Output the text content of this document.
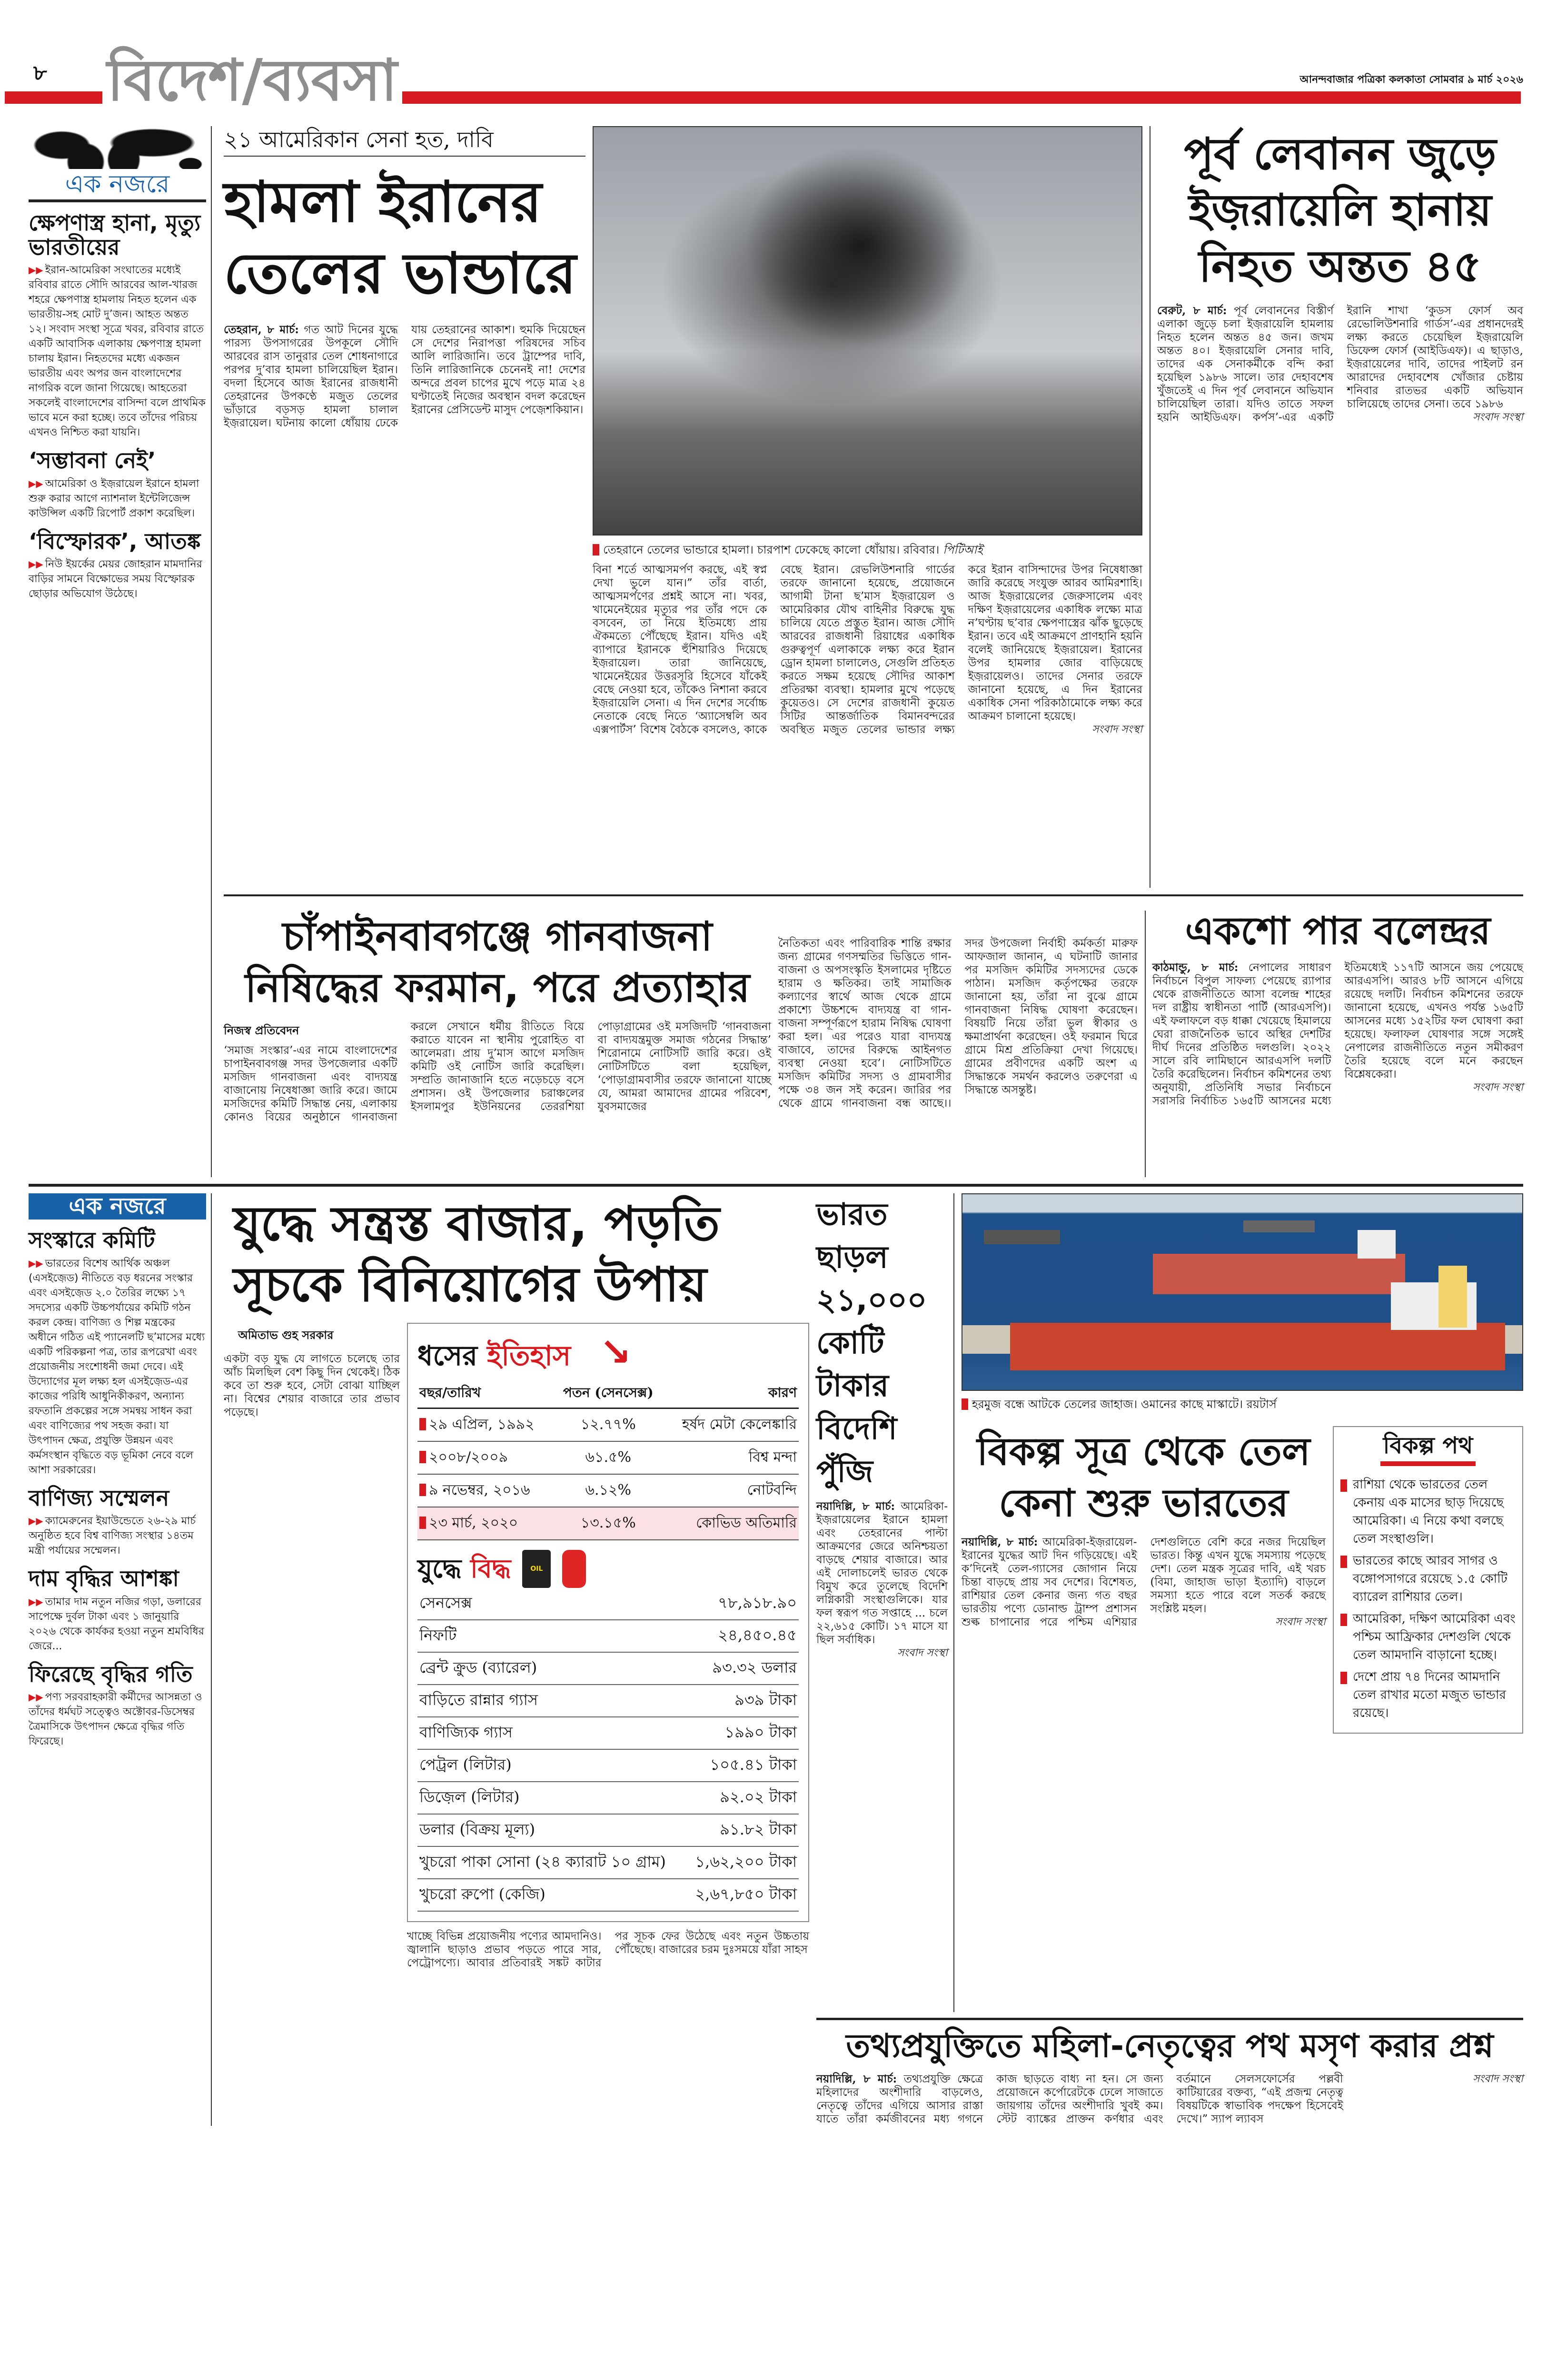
৮ বিদেশ/ব্যবসা	আনন্দবাজার পত্রিকা কলকাতা সোমবার ৯ মার্চ ২০২৬
এক নজরে
ক্ষেপণাস্ত্র হানা, মৃত্যু ভারতীয়ের
▶▶ ইরান-আমেরিকা সংঘাতের মধ্যেই রবিবার রাতে সৌদি আরবের আল-খারজ শহরে ক্ষেপণাস্ত্র হামলায় নিহত হলেন এক ভারতীয়-সহ মোট দু’জন। আহত অন্তত ১২। সংবাদ সংস্থা সূত্রে খবর, রবিবার রাতে একটি আবাসিক এলাকায় ক্ষেপণাস্ত্র হামলা চালায় ইরান। নিহতদের মধ্যে একজন ভারতীয় এবং অপর জন বাংলাদেশের নাগরিক বলে জানা গিয়েছে। আহতেরা সকলেই বাংলাদেশের বাসিন্দা বলে প্রাথমিক ভাবে মনে করা হচ্ছে। তবে তাঁদের পরিচয় এখনও নিশ্চিত করা যায়নি।
‘সম্ভাবনা নেই’
▶▶ আমেরিকা ও ইজ়রায়েল ইরানে হামলা শুরু করার আগে ন্যাশনাল ইন্টেলিজেন্স কাউন্সিল একটি রিপোর্ট প্রকাশ করেছিল।
‘বিস্ফোরক’, আতঙ্ক
▶▶ নিউ ইয়র্কের মেয়র জোহরান মামদানির বাড়ির সামনে বিক্ষোভের সময় বিস্ফোরক ছোড়ার অভিযোগ উঠেছে।
২১ আমেরিকান সেনা হত, দাবি
হামলা ইরানের তেলের ভান্ডারে
তেহরান, ৮ মার্চ: গত আট দিনের যুদ্ধে পারস্য উপসাগরের উপকূলে সৌদি আরবের রাস তানুরার তেল শোধনাগারে পরপর দু’বার হামলা চালিয়েছিল ইরান। বদলা হিসেবে আজ ইরানের রাজধানী তেহরানের উপকণ্ঠে মজুত তেলের ভাঁড়ারে বড়সড় হামলা চালাল ইজ়রায়েল। ঘটনায় কালো ধোঁয়ায় ঢেকে যায় তেহরানের আকাশ। হুমকি দিয়েছেন সে দেশের নিরাপত্তা পরিষদের সচিব আলি লারিজানি। তবে ট্রাম্পের দাবি, তিনি লারিজানিকে চেনেনই না! দেশের অন্দরে প্রবল চাপের মুখে পড়ে মাত্র ২৪ ঘণ্টাতেই নিজের অবস্থান বদল করেছেন ইরানের প্রেসিডেন্ট মাসুদ পেজ়েশকিয়ান।
তেহরানে তেলের ভান্ডারে হামলা। চারপাশ ঢেকেছে কালো ধোঁয়ায়। রবিবার। পিটিআই
বিনা শর্তে আত্মসমর্পণ করছে, এই স্বপ্ন দেখা ভুলে যান।” তাঁর বার্তা, আত্মসমর্পণের প্রশ্নই আসে না। খবর, খামেনেইয়ের মৃত্যুর পর তাঁর পদে কে বসবেন, তা নিয়ে ইতিমধ্যে প্রায় ঐকমত্যে পৌঁছেছে ইরান। যদিও এই ব্যাপারে ইরানকে হুঁশিয়ারিও দিয়েছে ইজ়রায়েল। তারা জানিয়েছে, খামেনেইয়ের উত্তরসূরি হিসেবে যাঁকেই বেছে নেওয়া হবে, তাঁকেও নিশানা করবে ইজ়রায়েলি সেনা। এ দিন দেশের সর্বোচ্চ নেতাকে বেছে নিতে ‘অ্যাসেম্বলি অব এক্সপার্টস’ বিশেষ বৈঠকে বসলেও, কাকে বেছে ইরান। রেভলিউশনারি গার্ডের তরফে জানানো হয়েছে, প্রয়োজনে আগামী টানা ছ’মাস ইজ়রায়েল ও আমেরিকার যৌথ বাহিনীর বিরুদ্ধে যুদ্ধ চালিয়ে যেতে প্রস্তুত ইরান। আজ সৌদি আরবের রাজধানী রিয়াধের একাধিক গুরুত্বপূর্ণ এলাকাকে লক্ষ্য করে ইরান ড্রোন হামলা চালালেও, সেগুলি প্রতিহত করতে সক্ষম হয়েছে সৌদির আকাশ প্রতিরক্ষা ব্যবস্থা। হামলার মুখে পড়েছে কুয়েতও। সে দেশের রাজধানী কুয়েত সিটির আন্তর্জাতিক বিমানবন্দরের অবস্থিত মজুত তেলের ভান্ডার লক্ষ্য করে ইরান বাসিন্দাদের উপর নিষেধাজ্ঞা জারি করেছে সংযুক্ত আরব আমিরশাহি। আজ ইজ়রায়েলের জেরুসালেম এবং দক্ষিণ ইজ়রায়েলের একাধিক লক্ষ্যে মাত্র ন’ঘণ্টায় ছ’বার ক্ষেপণাস্ত্রের ঝাঁক ছুড়েছে ইরান। তবে এই আক্রমণে প্রাণহানি হয়নি বলেই জানিয়েছে ইজ়রায়েল। ইরানের উপর হামলার জোর বাড়িয়েছে ইজ়রায়েলও। তাদের সেনার তরফে জানানো হয়েছে, এ দিন ইরানের একাধিক সেনা পরিকাঠামোকে লক্ষ্য করে আক্রমণ চালানো হয়েছে।
সংবাদ সংস্থা
পূর্ব লেবানন জুড়ে ইজ়রায়েলি হানায় নিহত অন্তত ৪৫
বেরুট, ৮ মার্চ: পূর্ব লেবাননের বিস্তীর্ণ এলাকা জুড়ে চলা ইজ়রায়েলি হামলায় নিহত হলেন অন্তত ৪৫ জন। জখম অন্তত ৪০। ইজ়রায়েলি সেনার দাবি, তাদের এক সেনাকর্মীকে বন্দি করা হয়েছিল ১৯৮৬ সালে। তার দেহাবশেষ খুঁজতেই এ দিন পূর্ব লেবাননে অভিযান চালিয়েছিল তারা। যদিও তাতে সফল হয়নি আইডিএফ। কর্পস’-এর একটি ইরানি শাখা ‘কুডস ফোর্স অব রেভোলিউশনারি গার্ডস’-এর প্রধানদেরই লক্ষ্য করতে চেয়েছিল ইজ়রায়েলি ডিফেন্স ফোর্স (আইডিএফ)। এ ছাড়াও, ইজ়রায়েলের দাবি, তাদের পাইলট রন আরাদের দেহাবশেষ খোঁজার চেষ্টায় শনিবার রাতভর একটি অভিযান চালিয়েছে তাদের সেনা। তবে ১৯৮৬
সংবাদ সংস্থা
চাঁপাইনবাবগঞ্জে গানবাজনা নিষিদ্ধের ফরমান, পরে প্রত্যাহার
নিজস্ব প্রতিবেদন
‘সমাজ সংস্কার’-এর নামে বাংলাদেশের চাপাইনবাবগঞ্জ সদর উপজেলার একটি মসজিদ গানবাজনা এবং বাদ্যযন্ত্র বাজানোয় নিষেধাজ্ঞা জারি করে। জামে মসজিদের কমিটি সিদ্ধান্ত নেয়, এলাকায় কোনও বিয়ের অনুষ্ঠানে গানবাজনা করলে সেখানে ধর্মীয় রীতিতে বিয়ে করাতে যাবেন না স্থানীয় পুরোহিত বা আলেমরা। প্রায় দু’মাস আগে মসজিদ কমিটি ওই নোটিস জারি করেছিল। সম্প্রতি জানাজানি হতে নড়েচড়ে বসে প্রশাসন। ওই উপজেলার চরাঞ্চলের ইসলামপুর ইউনিয়নের তেররশিয়া পোড়াগ্রামের ওই মসজিদটি ‘গানবাজনা বা বাদ্যযন্ত্রমুক্ত সমাজ গঠনের সিদ্ধান্ত’ শিরোনামে নোটিসটি জারি করে। ওই নোটিসটিতে বলা হয়েছিল, ‘পোড়াগ্রামবাসীর তরফে জানানো যাচ্ছে যে, আমরা আমাদের গ্রামের পরিবেশ, যুবসমাজের
নৈতিকতা এবং পারিবারিক শান্তি রক্ষার জন্য গ্রামের গণসম্মতির ভিত্তিতে গান-বাজনা ও অপসংস্কৃতি ইসলামের দৃষ্টিতে হারাম ও ক্ষতিকর। তাই সামাজিক কল্যাণের স্বার্থে আজ থেকে গ্রামে প্রকাশ্যে উচ্চশব্দে বাদ্যযন্ত্র বা গান-বাজনা সম্পূর্ণরূপে হারাম নিষিদ্ধ ঘোষণা করা হল। এর পরেও যারা বাদ্যযন্ত্র বাজাবে, তাদের বিরুদ্ধে আইনগত ব্যবস্থা নেওয়া হবে’। নোটিসটিতে মসজিদ কমিটির সদস্য ও গ্রামবাসীর পক্ষে ৩৪ জন সই করেন। জারির পর থেকে গ্রামে গানবাজনা বন্ধ আছে।। সদর উপজেলা নির্বাহী কর্মকর্তা মারুফ আফজাল জানান, এ ঘটনাটি জানার পর মসজিদ কমিটির সদস্যদের ডেকে পাঠান। মসজিদ কর্তৃপক্ষের তরফে জানানো হয়, তাঁরা না বুঝে গ্রামে গানবাজনা নিষিদ্ধ ঘোষণা করেছেন। বিষয়টি নিয়ে তাঁরা ভুল স্বীকার ও ক্ষমাপ্রার্থনা করেছেন। ওই ফরমান ঘিরে গ্রামে মিশ্র প্রতিক্রিয়া দেখা গিয়েছে। গ্রামের প্রবীণদের একটি অংশ এ সিদ্ধান্তকে সমর্থন করলেও তরুণেরা এ সিদ্ধান্তে অসন্তুষ্ট।
একশো পার বলেন্দ্রর
কাঠমান্ডু, ৮ মার্চ: নেপালের সাধারণ নির্বাচনে বিপুল সাফল্য পেয়েছে র‍্যাপার থেকে রাজনীতিতে আসা বলেন্দ্র শাহের দল রাষ্ট্রীয় স্বাধীনতা পার্টি (আরএসপি)। এই ফলাফলে বড় ধাক্কা খেয়েছে হিমালয়ে ঘেরা রাজনৈতিক ভাবে অস্থির দেশটির দীর্ঘ দিনের প্রতিষ্ঠিত দলগুলি। ২০২২ সালে রবি লামিছানে আরএসপি দলটি তৈরি করেছিলেন। নির্বাচন কমিশনের তথ্য অনুযায়ী, প্রতিনিধি সভার নির্বাচনে সরাসরি নির্বাচিত ১৬৫টি আসনের মধ্যে ইতিমধ্যেই ১১৭টি আসনে জয় পেয়েছে আরএসপি। আরও ৮টি আসনে এগিয়ে রয়েছে দলটি। নির্বাচন কমিশনের তরফে জানানো হয়েছে, এখনও পর্যন্ত ১৬৫টি আসনের মধ্যে ১৫২টির ফল ঘোষণা করা হয়েছে। ফলাফল ঘোষণার সঙ্গে সঙ্গেই নেপালের রাজনীতিতে নতুন সমীকরণ তৈরি হয়েছে বলে মনে করছেন বিশ্লেষকেরা।
সংবাদ সংস্থা
এক নজরে
সংস্কারে কমিটি
▶▶ ভারতের বিশেষ আর্থিক অঞ্চল (এসইজ়েড) নীতিতে বড় ধরনের সংস্কার এবং এসইজ়েড ২.০ তৈরির লক্ষ্যে ১৭ সদস্যের একটি উচ্চপর্যায়ের কমিটি গঠন করল কেন্দ্র। বাণিজ্য ও শিল্প মন্ত্রকের অধীনে গঠিত এই প্যানেলটি ছ’মাসের মধ্যে একটি পরিকল্পনা পত্র, তার রূপরেখা এবং প্রয়োজনীয় সংশোধনী জমা দেবে। এই উদ্যোগের মূল লক্ষ্য হল এসইজ়েড-এর কাজের পরিধি আধুনিকীকরণ, অন্যান্য রফতানি প্রকল্পের সঙ্গে সমন্বয় সাধন করা এবং বাণিজ্যের পথ সহজ করা। যা উৎপাদন ক্ষেত্র, প্রযুক্তি উন্নয়ন এবং কর্মসংস্থান বৃদ্ধিতে বড় ভূমিকা নেবে বলে আশা সরকারের।
বাণিজ্য সম্মেলন
▶▶ ক্যামেরুনের ইয়াউন্ডেতে ২৬-২৯ মার্চ অনুষ্ঠিত হবে বিশ্ব বাণিজ্য সংস্থার ১৪তম মন্ত্রী পর্যায়ের সম্মেলন।
দাম বৃদ্ধির আশঙ্কা
▶▶ তামার দাম নতুন নজির গড়া, ডলারের সাপেক্ষে দুর্বল টাকা এবং ১ জানুয়ারি ২০২৬ থেকে কার্যকর হওয়া নতুন শ্রমবিধির জেরে...
ফিরেছে বৃদ্ধির গতি
▶▶ পণ্য সরবরাহকারী কর্মীদের আসন্নতা ও তাঁদের ধর্মঘট সত্ত্বেও অক্টোবর-ডিসেম্বর ত্রৈমাসিকে উৎপাদন ক্ষেত্রে বৃদ্ধির গতি ফিরেছে।
যুদ্ধে সন্ত্রস্ত বাজার, পড়তি সূচকে বিনিয়োগের উপায়
অমিতাভ গুহ সরকার
একটা বড় যুদ্ধ যে লাগতে চলেছে তার আঁচ মিলছিল বেশ কিছু দিন থেকেই। ঠিক কবে তা শুরু হবে, সেটা বোঝা যাচ্ছিল না। বিশ্বের শেয়ার বাজারে তার প্রভাব পড়েছে।
ধসের ইতিহাস ↘
বছর/তারিখ	পতন (সেনসেক্স)	কারণ
২৯ এপ্রিল, ১৯৯২	১২.৭৭%	হর্ষদ মেটা কেলেঙ্কারি
২০০৮/২০০৯	৬১.৫%	বিশ্ব মন্দা
৯ নভেম্বর, ২০১৬	৬.১২%	নোটবন্দি
২৩ মার্চ, ২০২০	১৩.১৫%	কোভিড অতিমারি
যুদ্ধে বিদ্ধ	OIL
সেনসেক্স	৭৮,৯১৮.৯০
নিফটি	২৪,৪৫০.৪৫
ব্রেন্ট ক্রুড (ব্যারেল)	৯৩.৩২ ডলার
বাড়িতে রান্নার গ্যাস	৯৩৯ টাকা
বাণিজ্যিক গ্যাস	১৯৯০ টাকা
পেট্রল (লিটার)	১০৫.৪১ টাকা
ডিজ়েল (লিটার)	৯২.০২ টাকা
ডলার (বিক্রয় মূল্য)	৯১.৮২ টাকা
খুচরো পাকা সোনা (২৪ ক্যারাট ১০ গ্রাম)	১,৬২,২০০ টাকা
খুচরো রুপো (কেজি)	২,৬৭,৮৫০ টাকা
খাচ্ছে বিভিন্ন প্রয়োজনীয় পণ্যের আমদানিও। জ্বালানি ছাড়াও প্রভাব পড়তে পারে সার, পেট্রোপণ্যে। আবার প্রতিবারই সঙ্কট কাটার পর সূচক ফের উঠেছে এবং নতুন উচ্চতায় পৌঁছেছে। বাজারের চরম দুঃসময়ে যাঁরা সাহস
ভারত ছাড়ল ২১,০০০ কোটি টাকার বিদেশি পুঁজি
নয়াদিল্লি, ৮ মার্চ: আমেরিকা-ইজ়রায়েলের ইরানে হামলা এবং তেহরানের পাল্টা আক্রমণের জেরে অনিশ্চয়তা বাড়ছে শেয়ার বাজারে। আর এই দোলাচলেই ভারত থেকে বিমুখ করে তুলেছে বিদেশি লগ্নিকারী সংস্থাগুলিকে। যার ফল স্বরূপ গত সপ্তাহে ... চলে ২২,৬১৫ কোটি। ১৭ মাসে যা ছিল সর্বাধিক।
সংবাদ সংস্থা
হরমুজ বন্ধে আটকে তেলের জাহাজ। ওমানের কাছে মাস্কাটে। রয়টার্স
বিকল্প সূত্র থেকে তেল কেনা শুরু ভারতের
নয়াদিল্লি, ৮ মার্চ: আমেরিকা-ইজ়রায়েল-ইরানের যুদ্ধের আট দিন গড়িয়েছে। এই ক’দিনেই তেল-গ্যাসের জোগান নিয়ে চিন্তা বাড়ছে প্রায় সব দেশের। বিশেষত, রাশিয়ার তেল কেনার জন্য গত বছর ভারতীয় পণ্যে ডোনাল্ড ট্রাম্প প্রশাসন শুল্ক চাপানোর পরে পশ্চিম এশিয়ার দেশগুলিতে বেশি করে নজর দিয়েছিল ভারত। কিন্তু এখন যুদ্ধে সমস্যায় পড়েছে দেশ। তেল মন্ত্রক সূত্রের দাবি, এই খরচ (বিমা, জাহাজ ভাড়া ইত্যাদি) বাড়লে সমস্যা হতে পারে বলে সতর্ক করছে সংশ্লিষ্ট মহল।
সংবাদ সংস্থা
বিকল্প পথ
রাশিয়া থেকে ভারতের তেল কেনায় এক মাসের ছাড় দিয়েছে আমেরিকা। এ নিয়ে কথা বলছে তেল সংস্থাগুলি।
ভারতের কাছে আরব সাগর ও বঙ্গোপসাগরে রয়েছে ১.৫ কোটি ব্যারেল রাশিয়ার তেল।
আমেরিকা, দক্ষিণ আমেরিকা এবং পশ্চিম আফ্রিকার দেশগুলি থেকে তেল আমদানি বাড়ানো হচ্ছে।
দেশে প্রায় ৭৪ দিনের আমদানি তেল রাখার মতো মজুত ভান্ডার রয়েছে।
তথ্যপ্রযুক্তিতে মহিলা-নেতৃত্বের পথ মসৃণ করার প্রশ্ন
নয়াদিল্লি, ৮ মার্চ: তথ্যপ্রযুক্তি ক্ষেত্রে মহিলাদের অংশীদারি বাড়লেও, নেতৃত্বে তাঁদের এগিয়ে আসার রাস্তা যাতে তাঁরা কর্মজীবনের মধ্য গগনে কাজ ছাড়তে বাধ্য না হন। সে জন্য প্রয়োজনে কর্পোরেটকে ঢেলে সাজাতে জায়গায় তাঁদের অংশীদারি খুবই কম। স্টেট ব্যাঙ্কের প্রাক্তন কর্ণধার এবং বর্তমানে সেলসফোর্সের পল্লবী কাটিয়ারের বক্তব্য, “এই প্রজন্ম নেতৃত্ব বিষয়টিকে স্বাভাবিক পদক্ষেপ হিসেবেই দেখে।” স্যাপ ল্যাবস
সংবাদ সংস্থা
